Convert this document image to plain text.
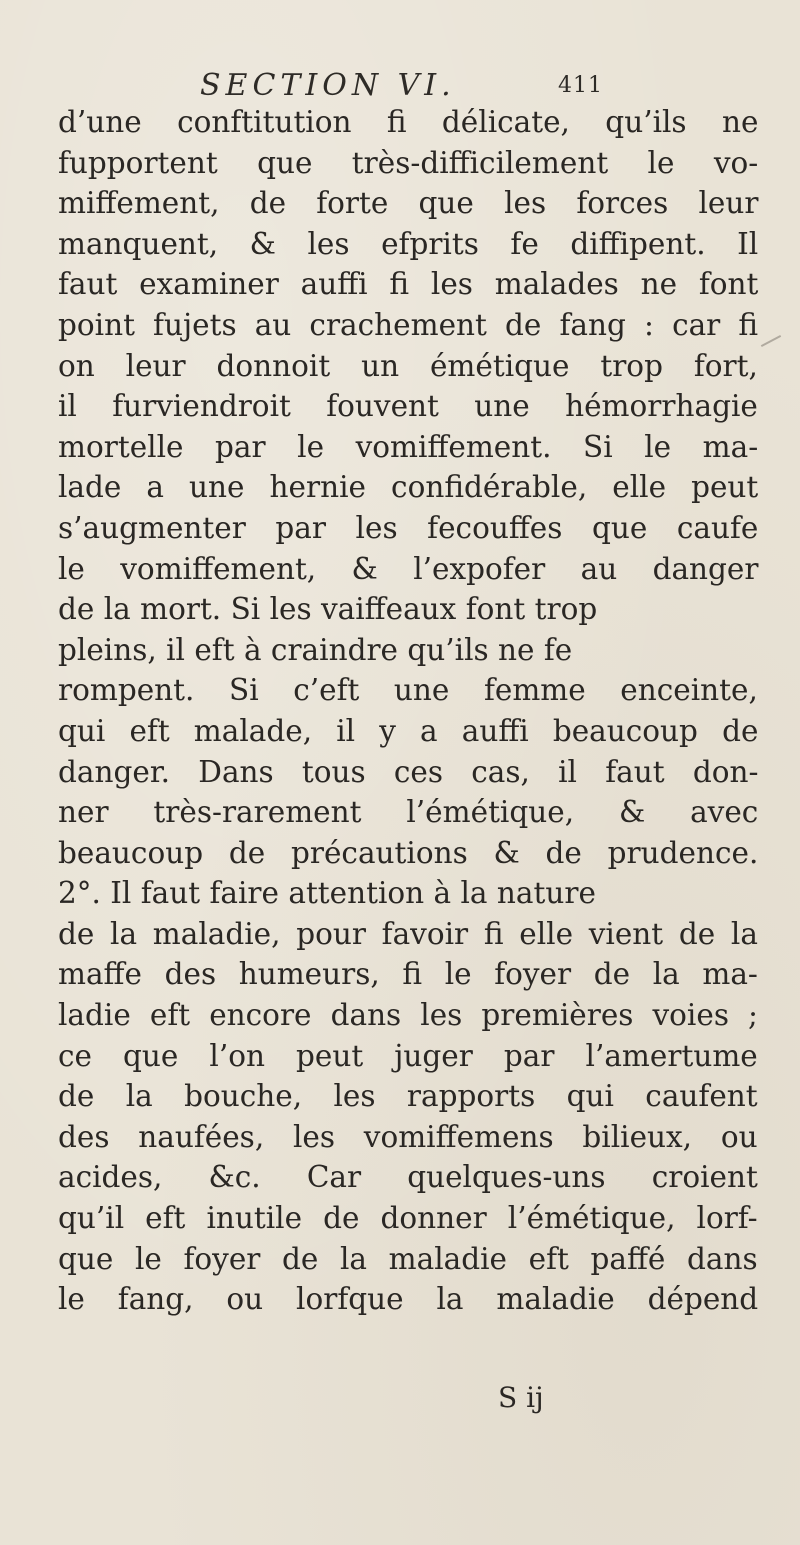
SECTION VI.	411
d’une conftitution fi délicate, qu’ils ne
fupportent que très-difficilement le vo-
miffement, de forte que les forces leur
manquent, & les efprits fe diffipent. Il
faut examiner auffi fi les malades ne font
point fujets au crachement de fang : car fi
on leur donnoit un émétique trop fort,
il furviendroit fouvent une hémorrhagie
mortelle par le vomiffement. Si le ma-
lade a une hernie confidérable, elle peut
s’augmenter par les fecouffes que caufe
le vomiffement, & l’expofer au danger
de la mort. Si les vaiffeaux font trop
pleins, il eft à craindre qu’ils ne fe
rompent. Si c’eft une femme enceinte,
qui eft malade, il y a auffi beaucoup de
danger. Dans tous ces cas, il faut don-
ner très-rarement l’émétique, & avec
beaucoup de précautions & de prudence.
2°. Il faut faire attention à la nature
de la maladie, pour favoir fi elle vient de la
maffe des humeurs, fi le foyer de la ma-
ladie eft encore dans les premières voies ;
ce que l’on peut juger par l’amertume
de la bouche, les rapports qui caufent
des naufées, les vomiffemens bilieux, ou
acides, &c. Car quelques-uns croient
qu’il eft inutile de donner l’émétique, lorf-
que le foyer de la maladie eft paffé dans
le fang, ou lorfque la maladie dépend
S ij
